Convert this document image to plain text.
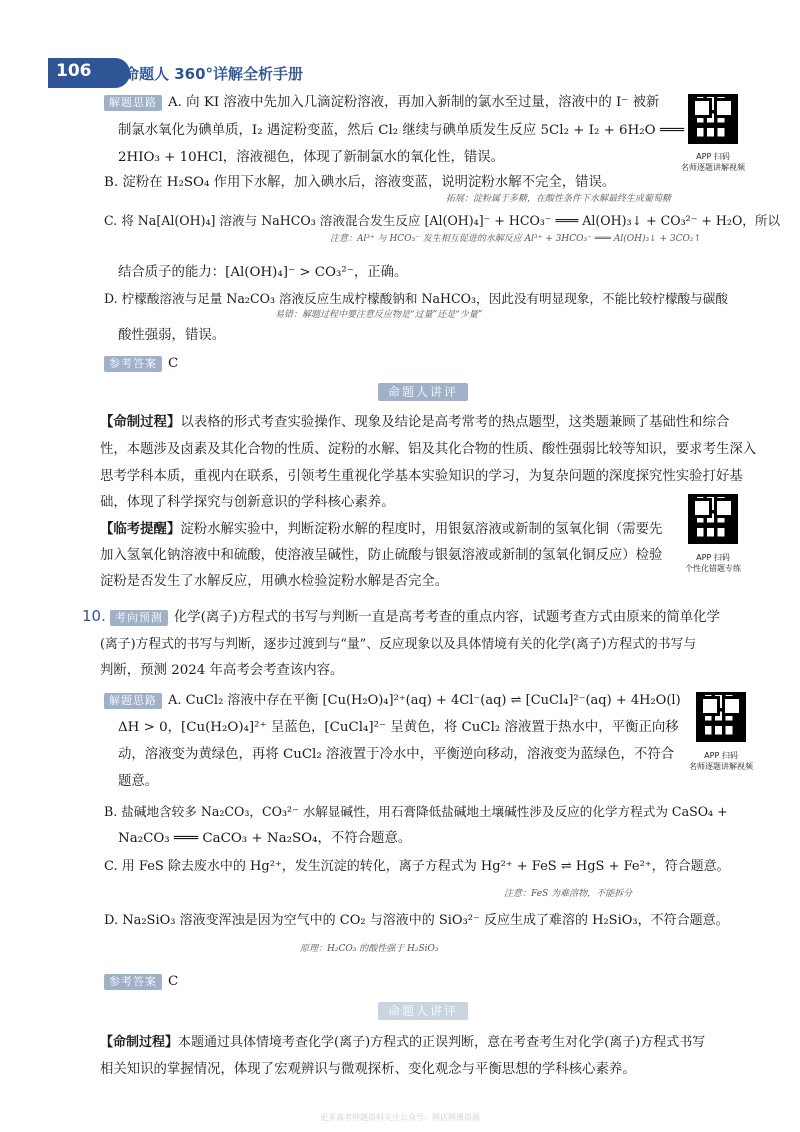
106 命题人 360°详解全析手册
解题思路 A. 向 KI 溶液中先加入几滴淀粉溶液，再加入新制的氯水至过量，溶液中的 I⁻ 被新
制氯水氧化为碘单质，I₂ 遇淀粉变蓝，然后 Cl₂ 继续与碘单质发生反应 5Cl₂ + I₂ + 6H₂O ═══
2HIO₃ + 10HCl，溶液褪色，体现了新制氯水的氧化性，错误。	APP 扫码
名师逐题讲解视频
B. 淀粉在 H₂SO₄ 作用下水解，加入碘水后，溶液变蓝，说明淀粉水解不完全，错误。
拓展：淀粉属于多糖，在酸性条件下水解最终生成葡萄糖
C. 将 Na[Al(OH)₄] 溶液与 NaHCO₃ 溶液混合发生反应 [Al(OH)₄]⁻ + HCO₃⁻ ═══ Al(OH)₃↓ + CO₃²⁻ + H₂O，所以
注意：Al³⁺ 与 HCO₃⁻ 发生相互促进的水解反应 Al³⁺ + 3HCO₃⁻ ═══ Al(OH)₃↓ + 3CO₂↑
结合质子的能力：[Al(OH)₄]⁻ > CO₃²⁻，正确。
D. 柠檬酸溶液与足量 Na₂CO₃ 溶液反应生成柠檬酸钠和 NaHCO₃，因此没有明显现象，不能比较柠檬酸与碳酸
易错：解题过程中要注意反应物是“过量”还是“少量”
酸性强弱，错误。
参考答案 C
命题人讲评
【命制过程】以表格的形式考查实验操作、现象及结论是高考常考的热点题型，这类题兼顾了基础性和综合
性，本题涉及卤素及其化合物的性质、淀粉的水解、铝及其化合物的性质、酸性强弱比较等知识，要求考生深入
思考学科本质，重视内在联系，引领考生重视化学基本实验知识的学习，为复杂问题的深度探究性实验打好基
础，体现了科学探究与创新意识的学科核心素养。
【临考提醒】淀粉水解实验中，判断淀粉水解的程度时，用银氨溶液或新制的氢氧化铜（需要先
加入氢氧化钠溶液中和硫酸，使溶液呈碱性，防止硫酸与银氨溶液或新制的氢氧化铜反应）检验
淀粉是否发生了水解反应，用碘水检验淀粉水解是否完全。
APP 扫码
个性化错题专练
10. 考向预测 化学(离子)方程式的书写与判断一直是高考考查的重点内容，试题考查方式由原来的简单化学
(离子)方程式的书写与判断，逐步过渡到与“量”、反应现象以及具体情境有关的化学(离子)方程式的书写与
判断，预测 2024 年高考会考查该内容。
解题思路 A. CuCl₂ 溶液中存在平衡 [Cu(H₂O)₄]²⁺(aq) + 4Cl⁻(aq) ⇌ [CuCl₄]²⁻(aq) + 4H₂O(l)
ΔH > 0，[Cu(H₂O)₄]²⁺ 呈蓝色，[CuCl₄]²⁻ 呈黄色，将 CuCl₂ 溶液置于热水中，平衡正向移
动，溶液变为黄绿色，再将 CuCl₂ 溶液置于冷水中，平衡逆向移动，溶液变为蓝绿色，不符合
题意。
APP 扫码
名师逐题讲解视频
B. 盐碱地含较多 Na₂CO₃，CO₃²⁻ 水解显碱性，用石膏降低盐碱地土壤碱性涉及反应的化学方程式为 CaSO₄ +
Na₂CO₃ ═══ CaCO₃ + Na₂SO₄，不符合题意。
C. 用 FeS 除去废水中的 Hg²⁺，发生沉淀的转化，离子方程式为 Hg²⁺ + FeS ⇌ HgS + Fe²⁺，符合题意。
注意：FeS 为难溶物，不能拆分
D. Na₂SiO₃ 溶液变浑浊是因为空气中的 CO₂ 与溶液中的 SiO₃²⁻ 反应生成了难溶的 H₂SiO₃，不符合题意。
原理：H₂CO₃ 的酸性强于 H₂SiO₃
参考答案 C
命题人讲评
【命制过程】本题通过具体情境考查化学(离子)方程式的正误判断，意在考查考生对化学(离子)方程式书写
相关知识的掌握情况，体现了宏观辨识与微观探析、变化观念与平衡思想的学科核心素养。
更多高考押题资料关注公众号：网店网课资源
